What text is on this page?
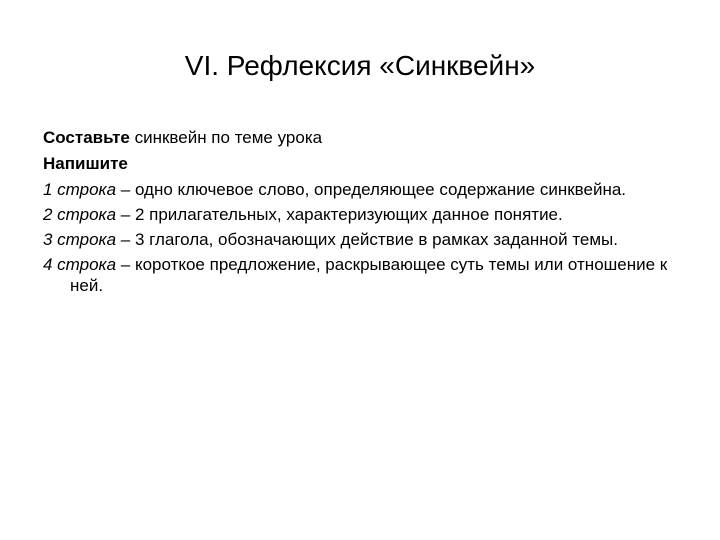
VI. Рефлексия «Синквейн»
Составьте синквейн по теме урока
Напишите
1 строка – одно ключевое слово, определяющее содержание синквейна.
2 строка – 2 прилагательных, характеризующих данное понятие.
3 строка – 3 глагола, обозначающих действие в рамках заданной темы.
4 строка – короткое предложение, раскрывающее суть темы или отношение к ней.
